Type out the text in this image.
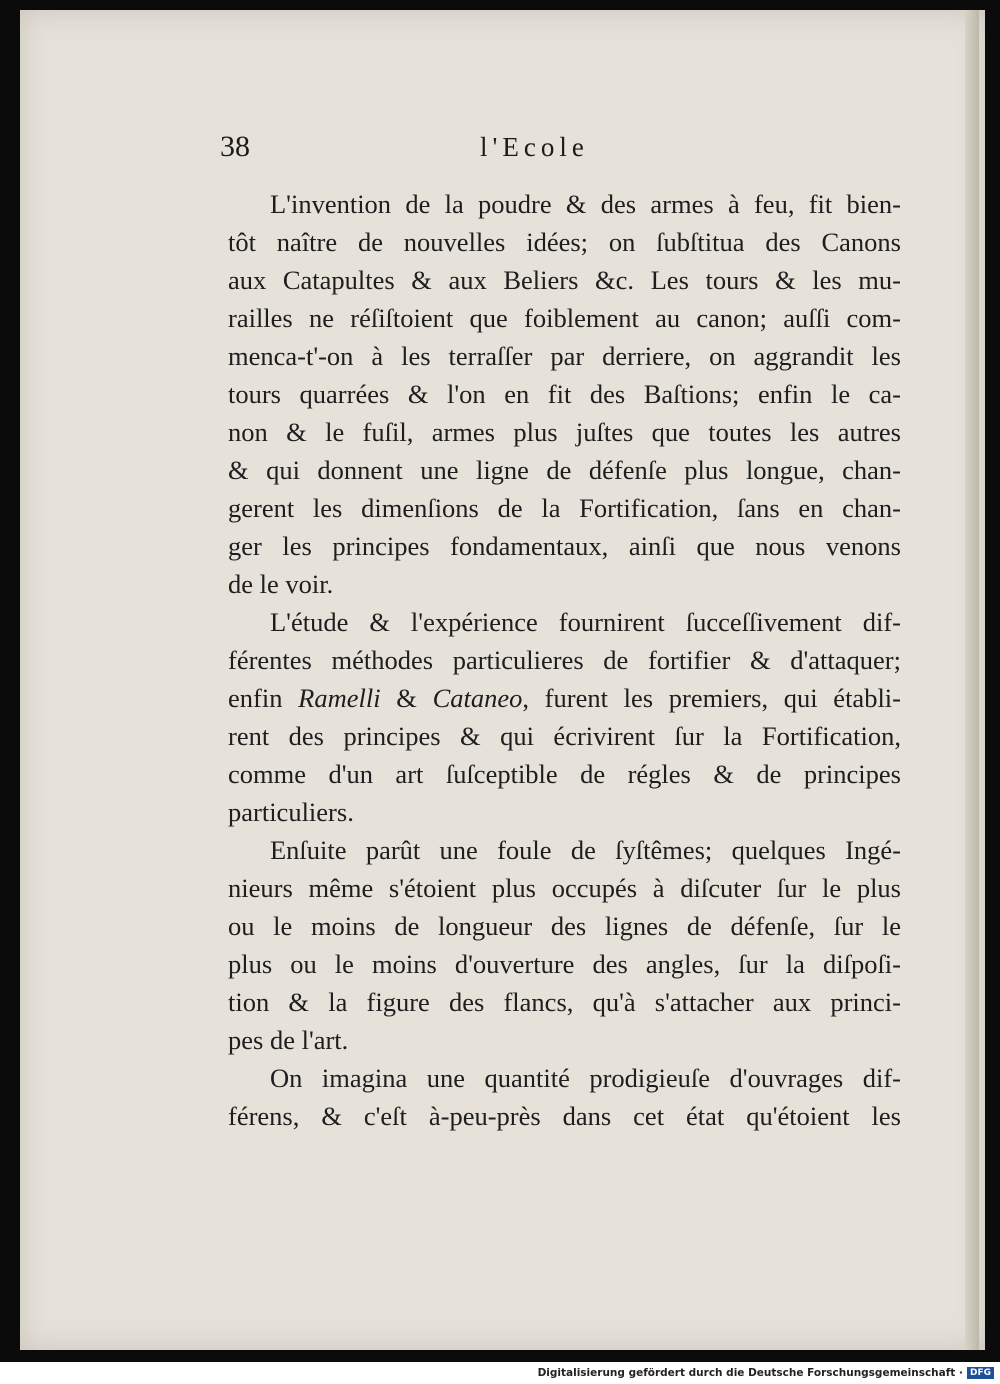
38	l'Ecole

L'invention de la poudre & des armes à feu, fit bien-
tôt naître de nouvelles idées; on ſubſtitua des Canons
aux Catapultes & aux Beliers &c. Les tours & les mu-
railles ne réſiſtoient que foiblement au canon; auſſi com-
menca-t'-on à les terraſſer par derriere, on aggrandit les
tours quarrées & l'on en fit des Baſtions; enfin le ca-
non & le fuſil, armes plus juſtes que toutes les autres
& qui donnent une ligne de défenſe plus longue, chan-
gerent les dimenſions de la Fortification, ſans en chan-
ger les principes fondamentaux, ainſi que nous venons
de le voir.

L'étude & l'expérience fournirent ſucceſſivement dif-
férentes méthodes particulieres de fortifier & d'attaquer;
enfin Ramelli & Cataneo, furent les premiers, qui établi-
rent des principes & qui écrivirent ſur la Fortification,
comme d'un art ſuſceptible de régles & de principes
particuliers.

Enſuite parût une foule de ſyſtêmes; quelques Ingé-
nieurs même s'étoient plus occupés à diſcuter ſur le plus
ou le moins de longueur des lignes de défenſe, ſur le
plus ou le moins d'ouverture des angles, ſur la diſpoſi-
tion & la figure des flancs, qu'à s'attacher aux princi-
pes de l'art.

On imagina une quantité prodigieuſe d'ouvrages dif-
férens, & c'eſt à-peu-près dans cet état qu'étoient les

Digitalisierung gefördert durch die Deutsche Forschungsgemeinschaft · DFG
